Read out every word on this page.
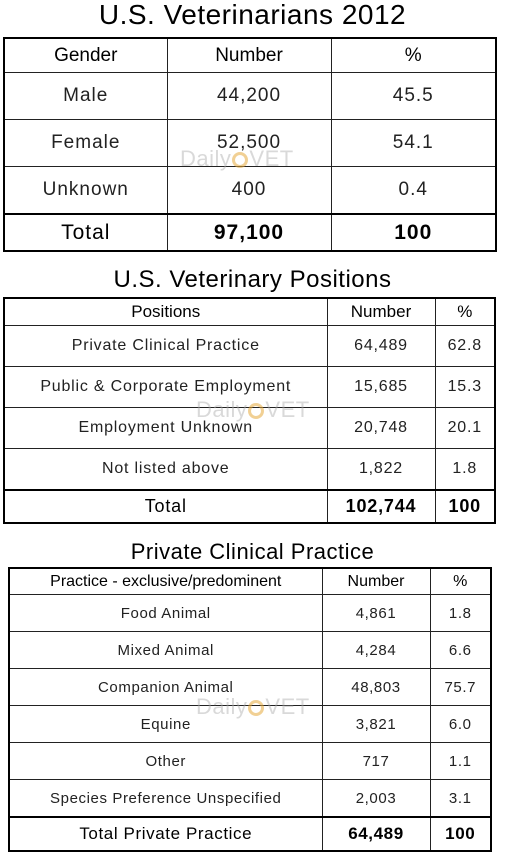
U.S. Veterinarians 2012
Gender	Number	%
Male	44,200	45.5
Female	52,500	54.1
Unknown	400	0.4
Total	97,100	100
Daily VET
U.S. Veterinary Positions
Positions	Number	%
Private Clinical Practice	64,489	62.8
Public & Corporate Employment	15,685	15.3
Employment Unknown	20,748	20.1
Not listed above	1,822	1.8
Total	102,744	100
Daily VET
Private Clinical Practice
Practice - exclusive/predominent	Number	%
Food Animal	4,861	1.8
Mixed Animal	4,284	6.6
Companion Animal	48,803	75.7
Equine	3,821	6.0
Other	717	1.1
Species Preference Unspecified	2,003	3.1
Total Private Practice	64,489	100
Daily VET
